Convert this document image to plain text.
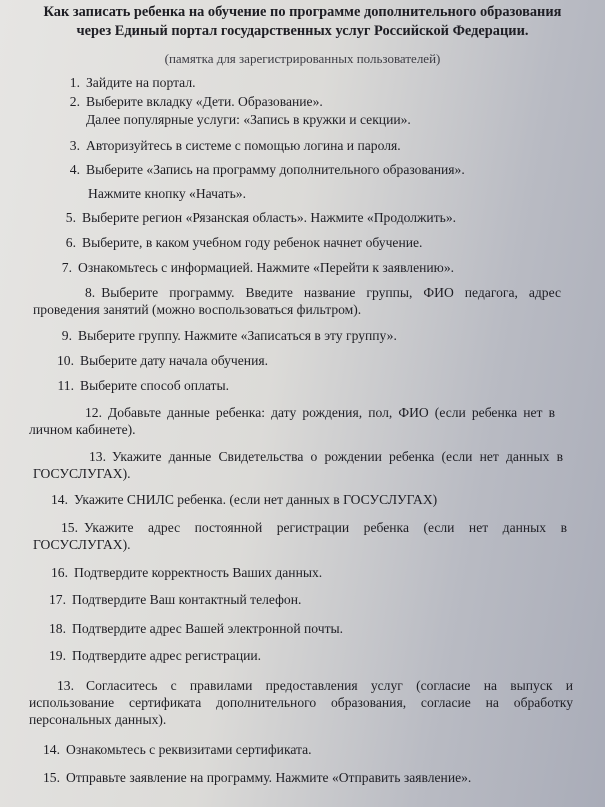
Как записать ребенка на обучение по программе дополнительного образования
через Единый портал государственных услуг Российской Федерации.
(памятка для зарегистрированных пользователей)
1. Зайдите на портал.
2. Выберите вкладку «Дети. Образование».
Далее популярные услуги: «Запись в кружки и секции».
3. Авторизуйтесь в системе с помощью логина и пароля.
4. Выберите «Запись на программу дополнительного образования».
Нажмите кнопку «Начать».
5. Выберите регион «Рязанская область». Нажмите «Продолжить».
6. Выберите, в каком учебном году ребенок начнет обучение.
7. Ознакомьтесь с информацией. Нажмите «Перейти к заявлению».
8. Выберите программу. Введите название группы, ФИО педагога, адрес проведения занятий (можно воспользоваться фильтром).
9. Выберите группу. Нажмите «Записаться в эту группу».
10. Выберите дату начала обучения.
11. Выберите способ оплаты.
12. Добавьте данные ребенка: дату рождения, пол, ФИО (если ребенка нет в личном кабинете).
13. Укажите данные Свидетельства о рождении ребенка (если нет данных в ГОСУСЛУГАХ).
14. Укажите СНИЛС ребенка. (если нет данных в ГОСУСЛУГАХ)
15. Укажите адрес постоянной регистрации ребенка (если нет данных в ГОСУСЛУГАХ).
16. Подтвердите корректность Ваших данных.
17. Подтвердите Ваш контактный телефон.
18. Подтвердите адрес Вашей электронной почты.
19. Подтвердите адрес регистрации.
13. Согласитесь с правилами предоставления услуг (согласие на выпуск и использование сертификата дополнительного образования, согласие на обработку персональных данных).
14. Ознакомьтесь с реквизитами сертификата.
15. Отправьте заявление на программу. Нажмите «Отправить заявление».
